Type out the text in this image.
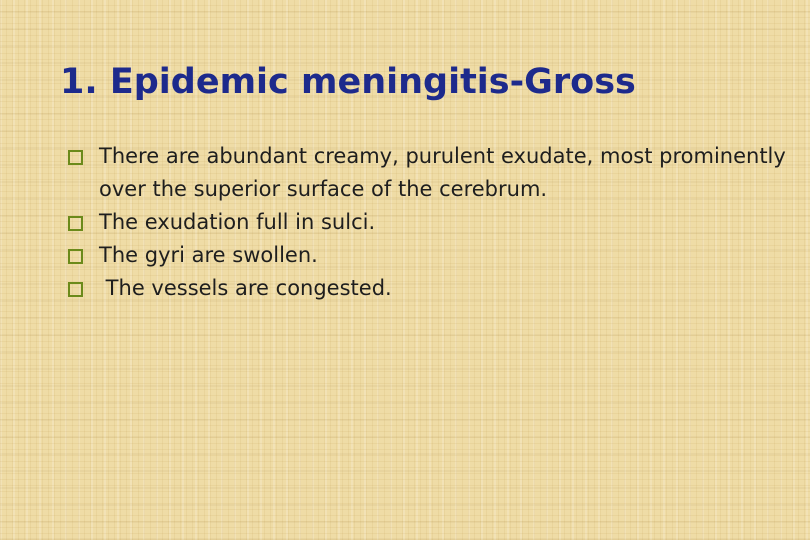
1. Epidemic meningitis-Gross
There are abundant creamy, purulent exudate, most prominently over the superior surface of the cerebrum.
The exudation full in sulci.
The gyri are swollen.
The vessels are congested.
